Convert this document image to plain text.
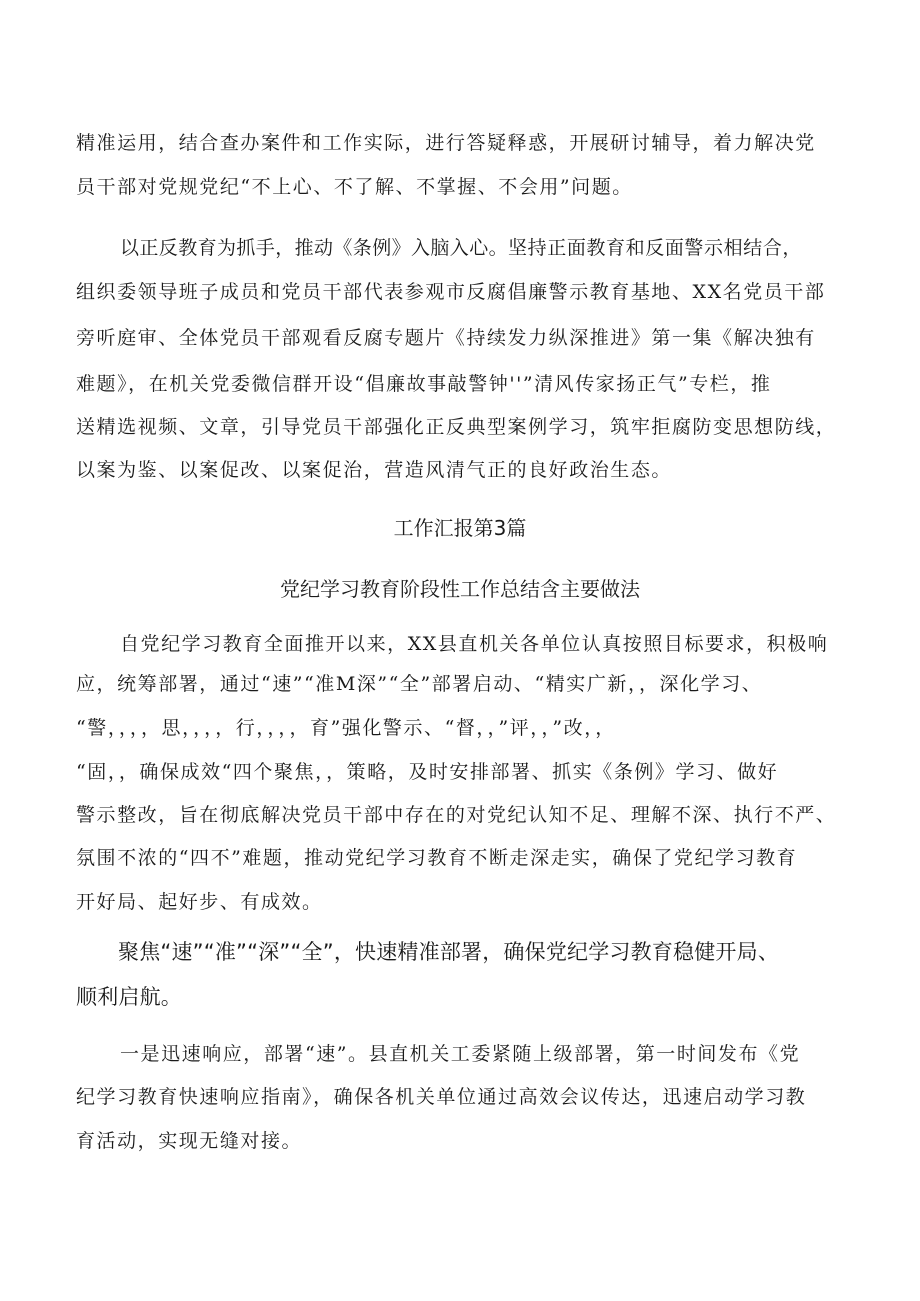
精准运用，结合查办案件和工作实际，进行答疑释惑，开展研讨辅导，着力解决党
员干部对党规党纪“不上心、不了解、不掌握、不会用”问题。
以正反教育为抓手，推动《条例》入脑入心。坚持正面教育和反面警示相结合，
组织委领导班子成员和党员干部代表参观市反腐倡廉警示教育基地、XX名党员干部
旁听庭审、全体党员干部观看反腐专题片《持续发力纵深推进》第一集《解决独有
难题》，在机关党委微信群开设“倡廉故事敲警钟''”清风传家扬正气”专栏，推
送精选视频、文章，引导党员干部强化正反典型案例学习，筑牢拒腐防变思想防线，
以案为鉴、以案促改、以案促治，营造风清气正的良好政治生态。
工作汇报第3篇
党纪学习教育阶段性工作总结含主要做法
自党纪学习教育全面推开以来，XX县直机关各单位认真按照目标要求，积极响
应，统筹部署，通过“速”“准M深”“全”部署启动、“精实广新，，深化学习、
“警，，，，思，，，，行，，，，育”强化警示、“督，，”评，，”改，，
“固，，确保成效“四个聚焦，，策略，及时安排部署、抓实《条例》学习、做好
警示整改，旨在彻底解决党员干部中存在的对党纪认知不足、理解不深、执行不严、
氛围不浓的“四不”难题，推动党纪学习教育不断走深走实，确保了党纪学习教育
开好局、起好步、有成效。
聚焦“速”“准”“深”“全”，快速精准部署，确保党纪学习教育稳健开局、
顺利启航。
一是迅速响应，部署“速”。县直机关工委紧随上级部署，第一时间发布《党
纪学习教育快速响应指南》，确保各机关单位通过高效会议传达，迅速启动学习教
育活动，实现无缝对接。
